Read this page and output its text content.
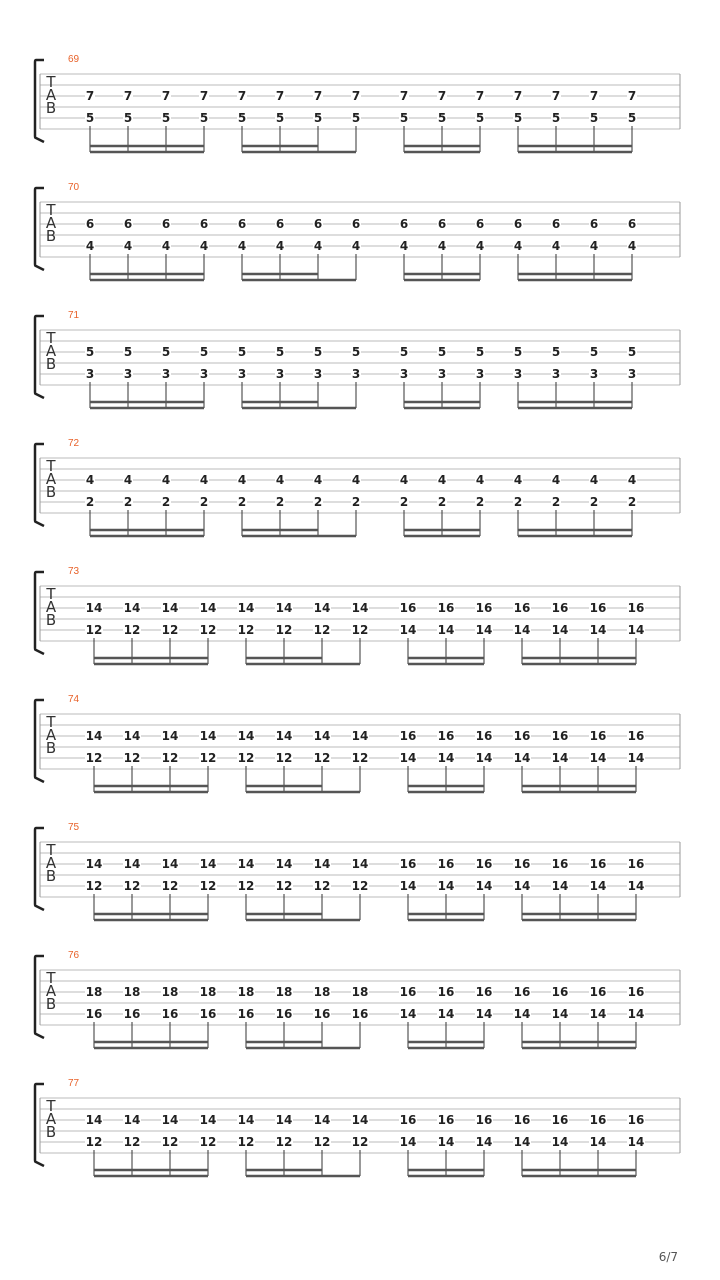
69
T
A
B
7
5
7
5
7
5
7
5
7
5
7
5
7
5
7
5
7
5
7
5
7
5
7
5
7
5
7
5
7
5
70
T
A
B
6
4
6
4
6
4
6
4
6
4
6
4
6
4
6
4
6
4
6
4
6
4
6
4
6
4
6
4
6
4
71
T
A
B
5
3
5
3
5
3
5
3
5
3
5
3
5
3
5
3
5
3
5
3
5
3
5
3
5
3
5
3
5
3
72
T
A
B
4
2
4
2
4
2
4
2
4
2
4
2
4
2
4
2
4
2
4
2
4
2
4
2
4
2
4
2
4
2
73
T
A
B
14
12
14
12
14
12
14
12
14
12
14
12
14
12
14
12
16
14
16
14
16
14
16
14
16
14
16
14
16
14
74
T
A
B
14
12
14
12
14
12
14
12
14
12
14
12
14
12
14
12
16
14
16
14
16
14
16
14
16
14
16
14
16
14
75
T
A
B
14
12
14
12
14
12
14
12
14
12
14
12
14
12
14
12
16
14
16
14
16
14
16
14
16
14
16
14
16
14
76
T
A
B
18
16
18
16
18
16
18
16
18
16
18
16
18
16
18
16
16
14
16
14
16
14
16
14
16
14
16
14
16
14
77
T
A
B
14
12
14
12
14
12
14
12
14
12
14
12
14
12
14
12
16
14
16
14
16
14
16
14
16
14
16
14
16
14
6/7
